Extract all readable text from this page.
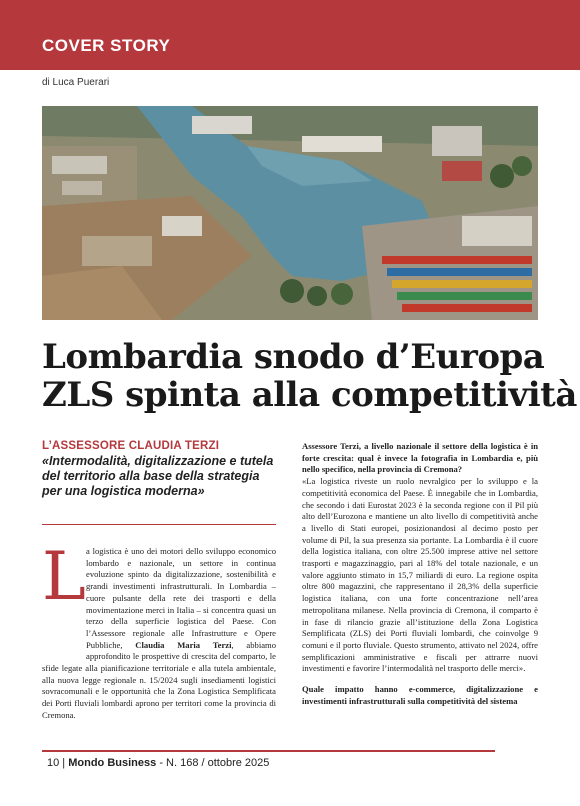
COVER STORY
di Luca Puerari
Lombardia snodo d’Europa
ZLS spinta alla competitività
L’ASSESSORE CLAUDIA TERZI
«Intermodalità, digitalizzazione e tutela del territorio alla base della strategia per una logistica moderna»
La logistica è uno dei motori dello sviluppo economico lombardo e nazionale, un settore in continua evoluzione spinto da digitalizzazione, sostenibilità e grandi investimenti infrastrutturali. In Lombardia – cuore pulsante della rete dei trasporti e della movimentazione merci in Italia – si concentra quasi un terzo della superficie logistica del Paese. Con l’Assessore regionale alle Infrastrutture e Opere Pubbliche, Claudia Maria Terzi, abbiamo approfondito le prospettive di crescita del comparto, le sfide legate alla pianificazione territoriale e alla tutela ambientale, alla nuova legge regionale n. 15/2024 sugli insediamenti logistici sovracomunali e le opportunità che la Zona Logistica Semplificata dei Porti fluviali lombardi aprono per territori come la provincia di Cremona.

Assessore Terzi, a livello nazionale il settore della logistica è in forte crescita: qual è invece la fotografia in Lombardia e, più nello specifico, nella provincia di Cremona?

«La logistica riveste un ruolo nevralgico per lo sviluppo e la competitività economica del Paese. È innegabile che in Lombardia, che secondo i dati Eurostat 2023 è la seconda regione con il Pil più alto dell’Eurozona e mantiene un alto livello di competitività anche a livello di Stati europei, posizionandosi al decimo posto per volume di Pil, la sua presenza sia portante. La Lombardia è il cuore della logistica italiana, con oltre 25.500 imprese attive nel settore trasporti e magazzinaggio, pari al 18% del totale nazionale, e un valore aggiunto stimato in 15,7 miliardi di euro. La regione ospita oltre 800 magazzini, che rappresentano il 28,3% della superficie logistica italiana, con una forte concentrazione nell’area metropolitana milanese. Nella provincia di Cremona, il comparto è in fase di rilancio grazie all’istituzione della Zona Logistica Semplificata (ZLS) dei Porti fluviali lombardi, che coinvolge 9 comuni e il porto fluviale. Questo strumento, attivato nel 2024, offre semplificazioni amministrative e fiscali per attrarre nuovi investimenti e favorire l’intermodalità nel trasporto delle merci».

Quale impatto hanno e-commerce, digitalizzazione e investimenti infrastrutturali sulla competitività del sistema

10 | Mondo Business - N. 168 / ottobre 2025
